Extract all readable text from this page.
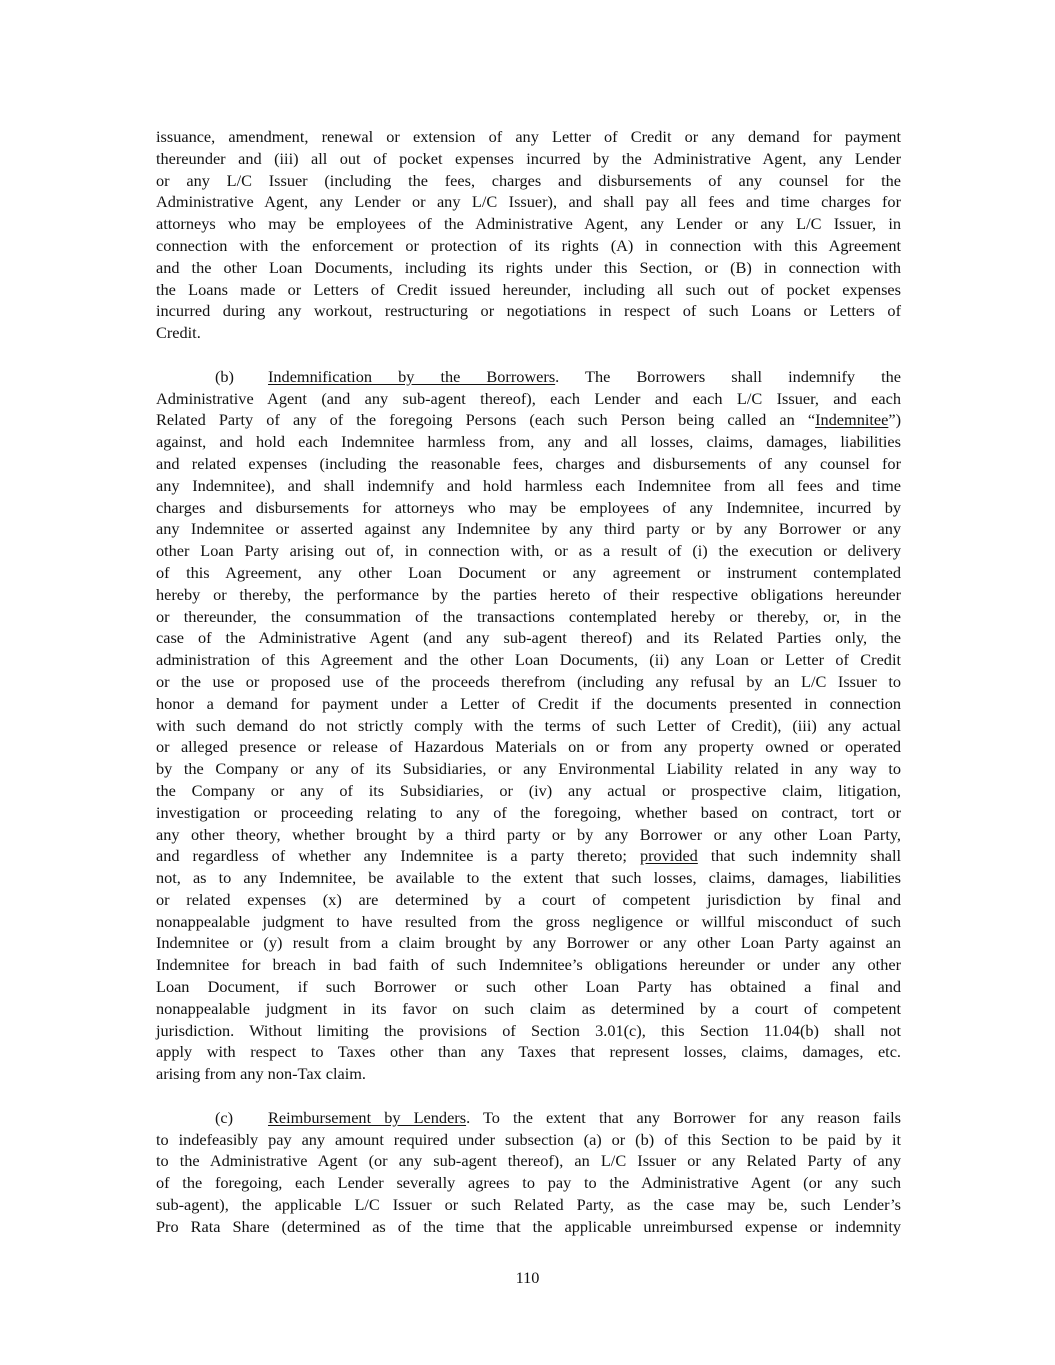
issuance, amendment, renewal or extension of any Letter of Credit or any demand for payment
thereunder and (iii) all out of pocket expenses incurred by the Administrative Agent, any Lender
or any L/C Issuer (including the fees, charges and disbursements of any counsel for the
Administrative Agent, any Lender or any L/C Issuer), and shall pay all fees and time charges for
attorneys who may be employees of the Administrative Agent, any Lender or any L/C Issuer, in
connection with the enforcement or protection of its rights (A) in connection with this Agreement
and the other Loan Documents, including its rights under this Section, or (B) in connection with
the Loans made or Letters of Credit issued hereunder, including all such out of pocket expenses
incurred during any workout, restructuring or negotiations in respect of such Loans or Letters of
Credit.
(b) Indemnification by the Borrowers. The Borrowers shall indemnify the
Administrative Agent (and any sub-agent thereof), each Lender and each L/C Issuer, and each
Related Party of any of the foregoing Persons (each such Person being called an “Indemnitee”)
against, and hold each Indemnitee harmless from, any and all losses, claims, damages, liabilities
and related expenses (including the reasonable fees, charges and disbursements of any counsel for
any Indemnitee), and shall indemnify and hold harmless each Indemnitee from all fees and time
charges and disbursements for attorneys who may be employees of any Indemnitee, incurred by
any Indemnitee or asserted against any Indemnitee by any third party or by any Borrower or any
other Loan Party arising out of, in connection with, or as a result of (i) the execution or delivery
of this Agreement, any other Loan Document or any agreement or instrument contemplated
hereby or thereby, the performance by the parties hereto of their respective obligations hereunder
or thereunder, the consummation of the transactions contemplated hereby or thereby, or, in the
case of the Administrative Agent (and any sub-agent thereof) and its Related Parties only, the
administration of this Agreement and the other Loan Documents, (ii) any Loan or Letter of Credit
or the use or proposed use of the proceeds therefrom (including any refusal by an L/C Issuer to
honor a demand for payment under a Letter of Credit if the documents presented in connection
with such demand do not strictly comply with the terms of such Letter of Credit), (iii) any actual
or alleged presence or release of Hazardous Materials on or from any property owned or operated
by the Company or any of its Subsidiaries, or any Environmental Liability related in any way to
the Company or any of its Subsidiaries, or (iv) any actual or prospective claim, litigation,
investigation or proceeding relating to any of the foregoing, whether based on contract, tort or
any other theory, whether brought by a third party or by any Borrower or any other Loan Party,
and regardless of whether any Indemnitee is a party thereto; provided that such indemnity shall
not, as to any Indemnitee, be available to the extent that such losses, claims, damages, liabilities
or related expenses (x) are determined by a court of competent jurisdiction by final and
nonappealable judgment to have resulted from the gross negligence or willful misconduct of such
Indemnitee or (y) result from a claim brought by any Borrower or any other Loan Party against an
Indemnitee for breach in bad faith of such Indemnitee’s obligations hereunder or under any other
Loan Document, if such Borrower or such other Loan Party has obtained a final and
nonappealable judgment in its favor on such claim as determined by a court of competent
jurisdiction. Without limiting the provisions of Section 3.01(c), this Section 11.04(b) shall not
apply with respect to Taxes other than any Taxes that represent losses, claims, damages, etc.
arising from any non-Tax claim.
(c) Reimbursement by Lenders. To the extent that any Borrower for any reason fails
to indefeasibly pay any amount required under subsection (a) or (b) of this Section to be paid by it
to the Administrative Agent (or any sub-agent thereof), an L/C Issuer or any Related Party of any
of the foregoing, each Lender severally agrees to pay to the Administrative Agent (or any such
sub-agent), the applicable L/C Issuer or such Related Party, as the case may be, such Lender’s
Pro Rata Share (determined as of the time that the applicable unreimbursed expense or indemnity
110
